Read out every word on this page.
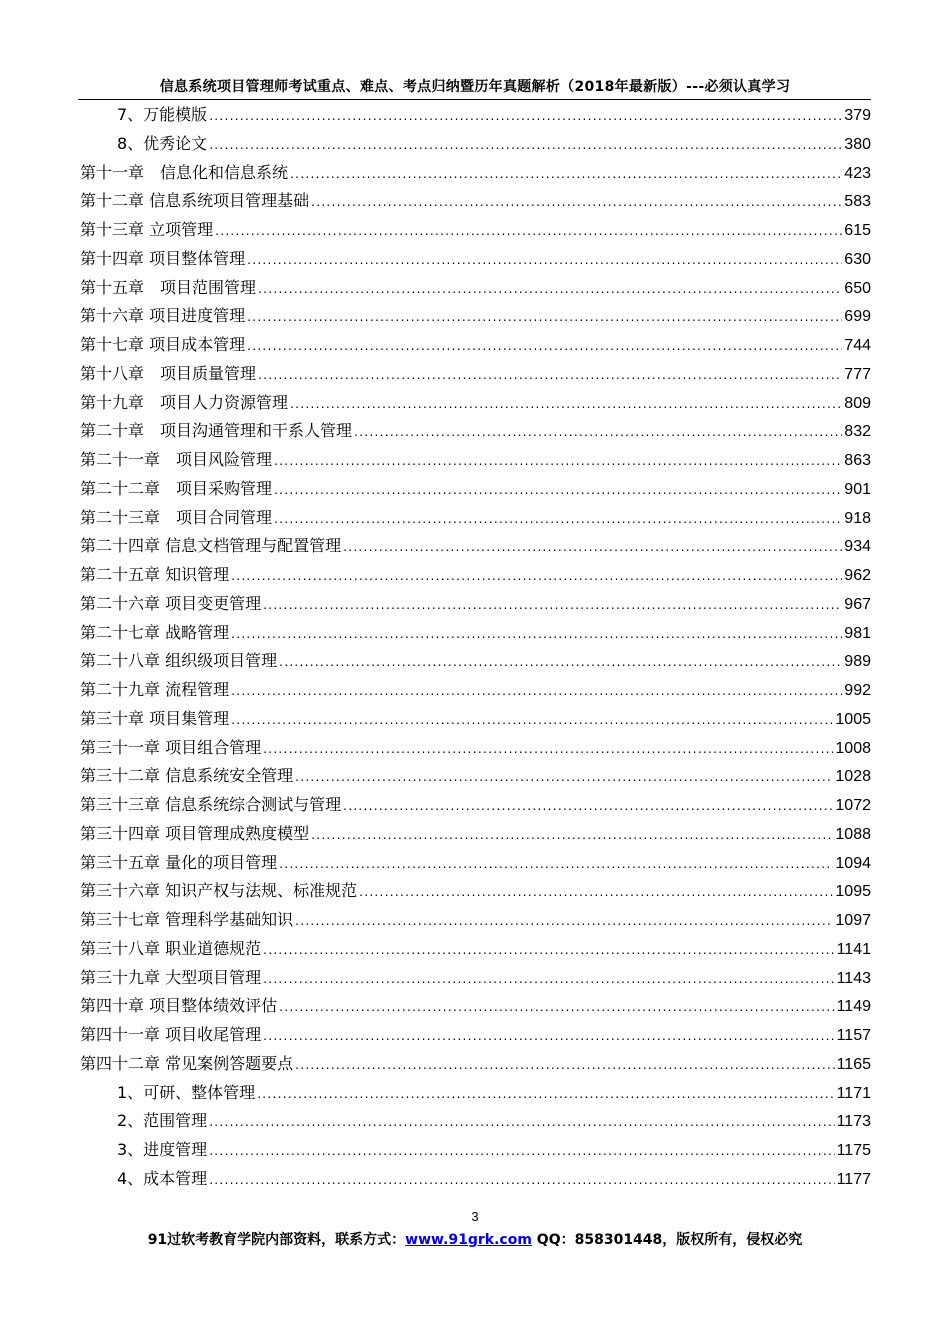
信息系统项目管理师考试重点、难点、考点归纳暨历年真题解析（2018年最新版）---必须认真学习
7、万能模版 .....	379
8、优秀论文 .....	380
第十一章　信息化和信息系统 .....	423
第十二章 信息系统项目管理基础 .....	583
第十三章 立项管理 .....	615
第十四章 项目整体管理 .....	630
第十五章　项目范围管理 .....	650
第十六章 项目进度管理 .....	699
第十七章 项目成本管理 .....	744
第十八章　项目质量管理 .....	777
第十九章　项目人力资源管理 .....	809
第二十章　项目沟通管理和干系人管理 .....	832
第二十一章　项目风险管理 .....	863
第二十二章　项目采购管理 .....	901
第二十三章　项目合同管理 .....	918
第二十四章 信息文档管理与配置管理 .....	934
第二十五章 知识管理 .....	962
第二十六章 项目变更管理 .....	967
第二十七章 战略管理 .....	981
第二十八章 组织级项目管理 .....	989
第二十九章 流程管理 .....	992
第三十章 项目集管理 .....	1005
第三十一章 项目组合管理 .....	1008
第三十二章 信息系统安全管理 .....	1028
第三十三章 信息系统综合测试与管理 .....	1072
第三十四章 项目管理成熟度模型 .....	1088
第三十五章 量化的项目管理 .....	1094
第三十六章 知识产权与法规、标准规范 .....	1095
第三十七章 管理科学基础知识 .....	1097
第三十八章 职业道德规范 .....	1141
第三十九章 大型项目管理 .....	1143
第四十章 项目整体绩效评估 .....	1149
第四十一章 项目收尾管理 .....	1157
第四十二章 常见案例答题要点 .....	1165
1、可研、整体管理 .....	1171
2、范围管理 .....	1173
3、进度管理 .....	1175
4、成本管理 .....	1177
3
91过软考教育学院内部资料，联系方式：www.91grk.com QQ：858301448，版权所有，侵权必究
